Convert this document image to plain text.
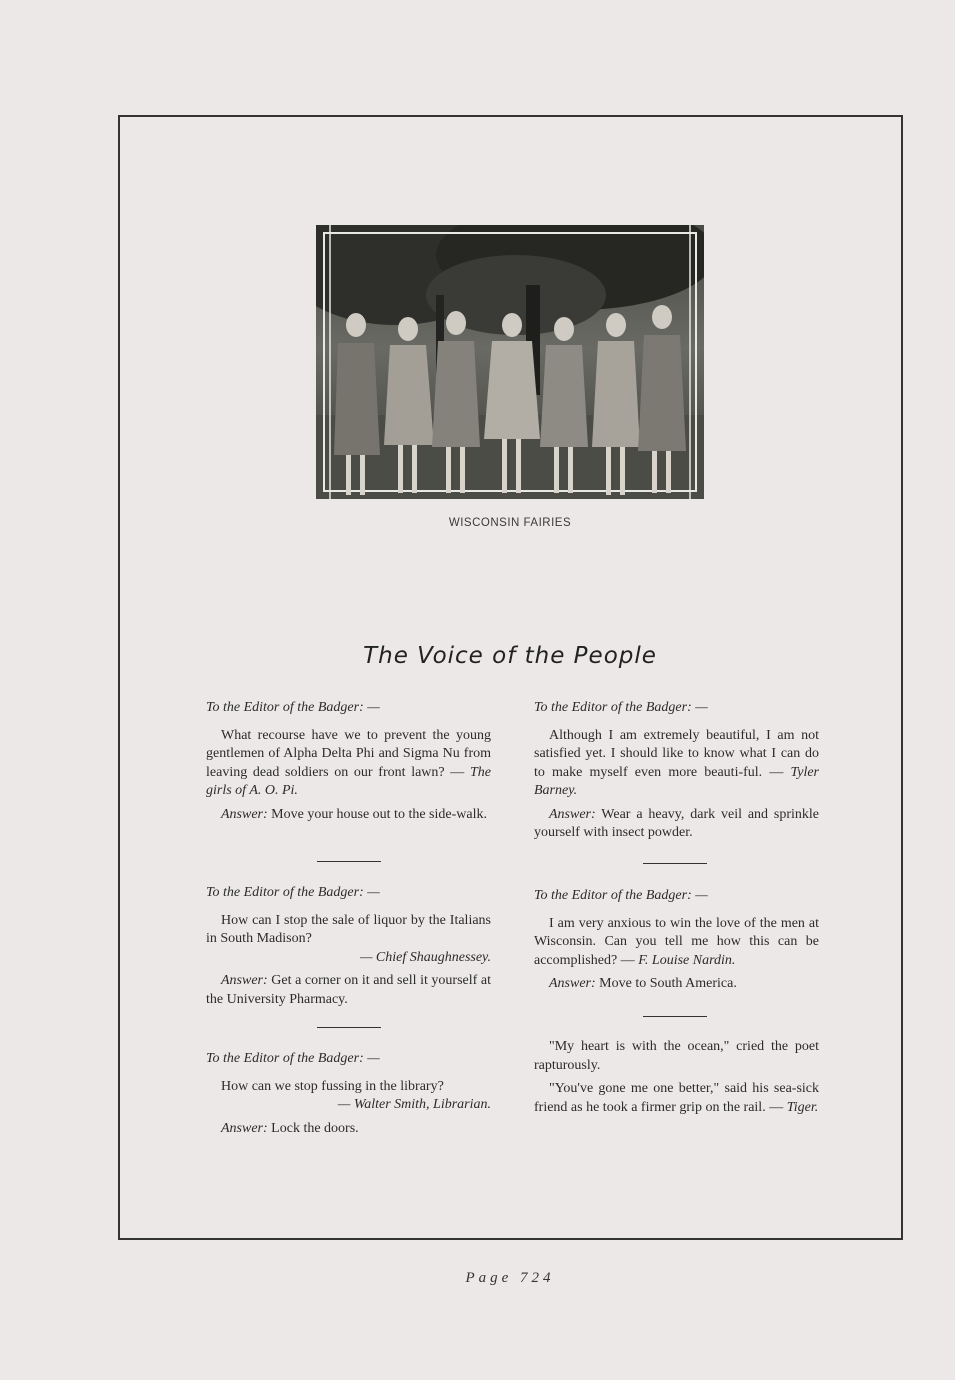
WISCONSIN FAIRIES
The Voice of the People

To the Editor of the Badger: —

What recourse have we to prevent the young gentlemen of Alpha Delta Phi and Sigma Nu from leaving dead soldiers on our front lawn? — The girls of A. O. Pi.

Answer: Move your house out to the side-walk.

To the Editor of the Badger: —

How can I stop the sale of liquor by the Italians in South Madison?

— Chief Shaughnessey.

Answer: Get a corner on it and sell it yourself at the University Pharmacy.

To the Editor of the Badger: —

How can we stop fussing in the library?

— Walter Smith, Librarian.

Answer: Lock the doors.

To the Editor of the Badger: —

Although I am extremely beautiful, I am not satisfied yet. I should like to know what I can do to make myself even more beauti-ful. — Tyler Barney.

Answer: Wear a heavy, dark veil and sprinkle yourself with insect powder.

To the Editor of the Badger: —

I am very anxious to win the love of the men at Wisconsin. Can you tell me how this can be accomplished? — F. Louise Nardin.

Answer: Move to South America.

"My heart is with the ocean," cried the poet rapturously.

"You've gone me one better," said his sea-sick friend as he took a firmer grip on the rail. — Tiger.

Page 724
